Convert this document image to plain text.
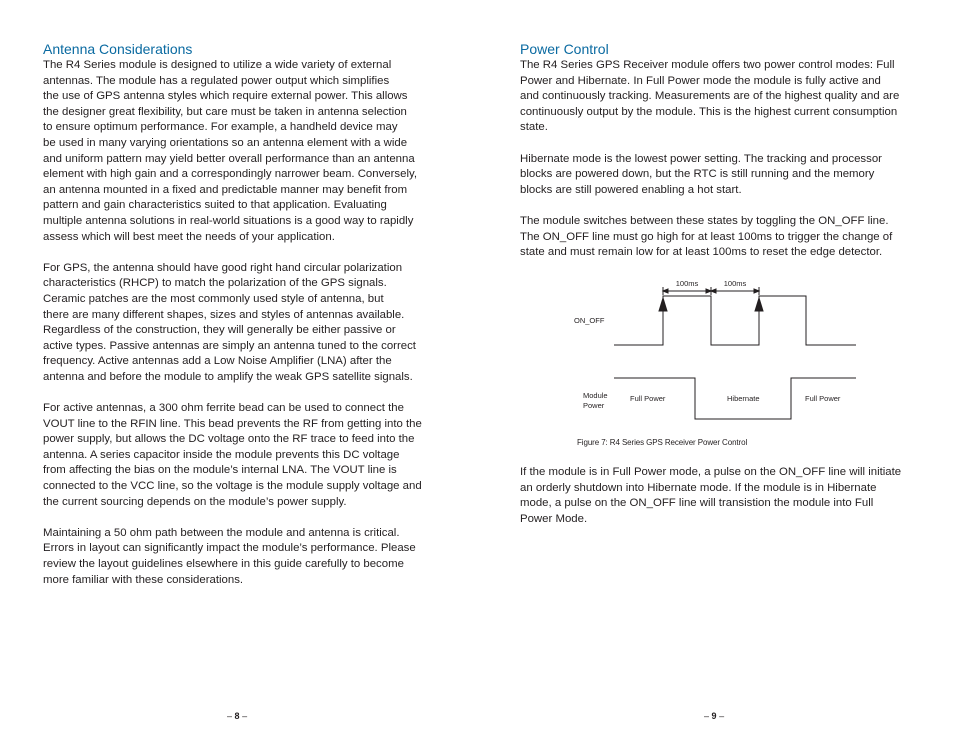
Antenna Considerations

The R4 Series module is designed to utilize a wide variety of external
antennas. The module has a regulated power output which simplifies
the use of GPS antenna styles which require external power. This allows
the designer great flexibility, but care must be taken in antenna selection
to ensure optimum performance. For example, a handheld device may
be used in many varying orientations so an antenna element with a wide
and uniform pattern may yield better overall performance than an antenna
element with high gain and a correspondingly narrower beam. Conversely,
an antenna mounted in a fixed and predictable manner may benefit from
pattern and gain characteristics suited to that application. Evaluating
multiple antenna solutions in real-world situations is a good way to rapidly
assess which will best meet the needs of your application.

For GPS, the antenna should have good right hand circular polarization
characteristics (RHCP) to match the polarization of the GPS signals.
Ceramic patches are the most commonly used style of antenna, but
there are many different shapes, sizes and styles of antennas available.
Regardless of the construction, they will generally be either passive or
active types. Passive antennas are simply an antenna tuned to the correct
frequency. Active antennas add a Low Noise Amplifier (LNA) after the
antenna and before the module to amplify the weak GPS satellite signals.

For active antennas, a 300 ohm ferrite bead can be used to connect the
VOUT line to the RFIN line. This bead prevents the RF from getting into the
power supply, but allows the DC voltage onto the RF trace to feed into the
antenna. A series capacitor inside the module prevents this DC voltage
from affecting the bias on the module’s internal LNA. The VOUT line is
connected to the VCC line, so the voltage is the module supply voltage and
the current sourcing depends on the module’s power supply.

Maintaining a 50 ohm path between the module and antenna is critical.
Errors in layout can significantly impact the module’s performance. Please
review the layout guidelines elsewhere in this guide carefully to become
more familiar with these considerations.

– 8 –
Power Control

The R4 Series GPS Receiver module offers two power control modes: Full
Power and Hibernate. In Full Power mode the module is fully active and
and continuously tracking. Measurements are of the highest quality and are
continuously output by the module. This is the highest current consumption
state.

Hibernate mode is the lowest power setting. The tracking and processor
blocks are powered down, but the RTC is still running and the memory
blocks are still powered enabling a hot start.

The module switches between these states by toggling the ON_OFF line.
The ON_OFF line must go high for at least 100ms to trigger the change of
state and must remain low for at least 100ms to reset the edge detector.

100ms	100ms
ON_OFF
Module
Power
Full Power	Hibernate	Full Power
Figure 7: R4 Series GPS Receiver Power Control

If the module is in Full Power mode, a pulse on the ON_OFF line will initiate
an orderly shutdown into Hibernate mode. If the module is in Hibernate
mode, a pulse on the ON_OFF line will transistion the module into Full
Power Mode.

– 9 –
